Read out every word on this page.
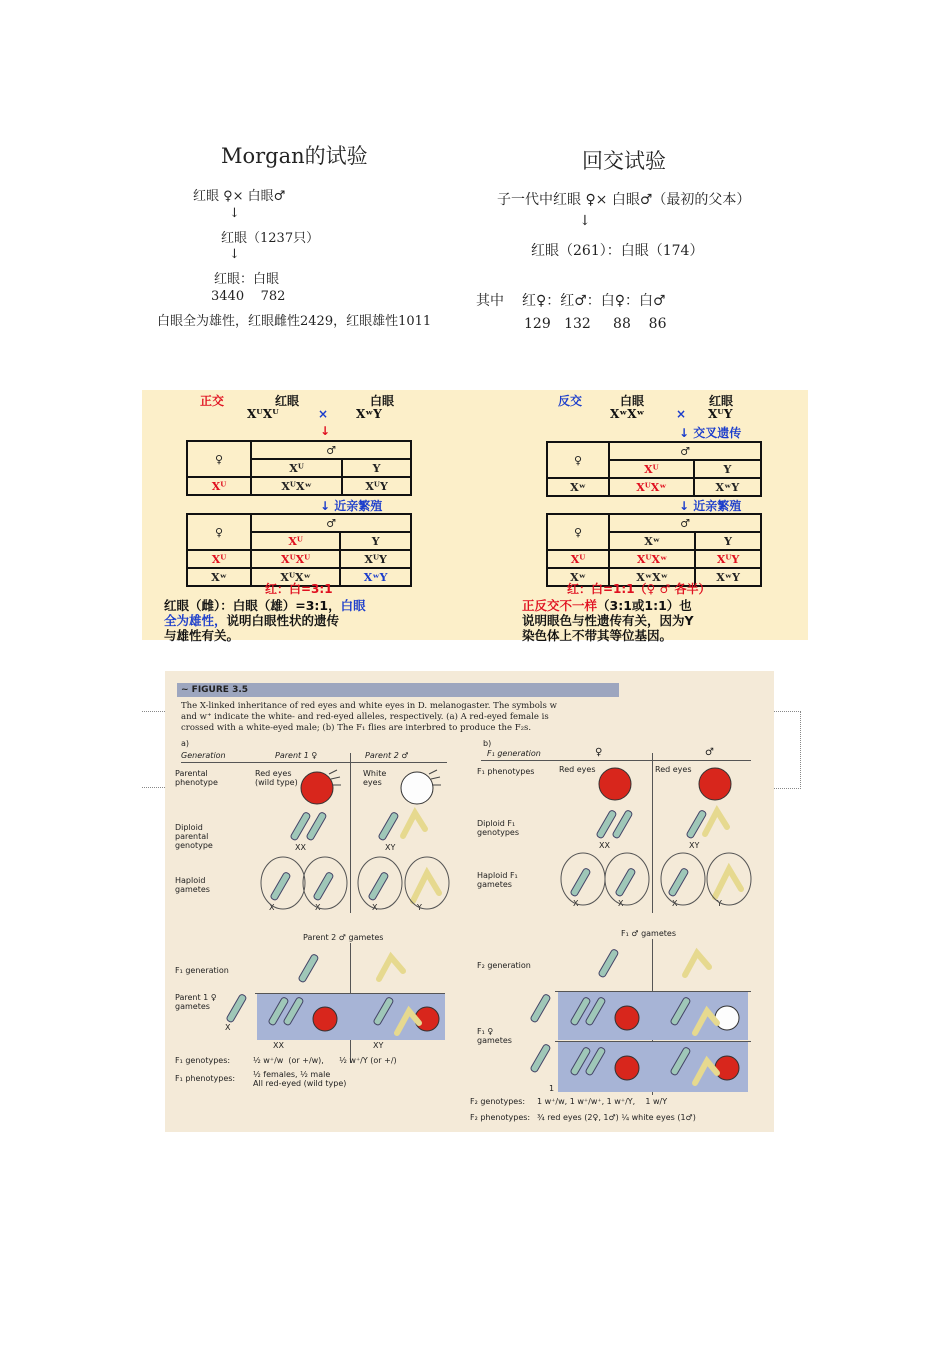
Morgan的试验
红眼 ♀× 白眼♂
↓
红眼（1237只）
↓
红眼：白眼
3440    782
白眼全为雄性，红眼雌性2429，红眼雄性1011
回交试验
子一代中红眼 ♀× 白眼♂（最初的父本）
↓
红眼（261）：白眼（174）
其中 红♀：红♂：白♀：白♂
129   132     88    86
正交	红眼	白眼
XᵂXᵂ	× XʷY
↓
♀	♂	
	Xᵂ	Y
Xᵂ	XᵂXʷ	XᵂY
↓ 近亲繁殖
♀	♂	
	Xᵂ	Y
Xᵂ	XᵂXᵂ	XᵂY
Xʷ	XᵂXʷ	XʷY
红：白=3:1
红眼（雌）：白眼（雄）=3:1，白眼
全为雄性，说明白眼性状的遗传
与雄性有关。
反交	白眼	红眼
XʷXʷ	× XᵂY
↓ 交叉遗传
♀	♂	
	Xᵂ	Y
Xʷ	XᵂXʷ	XʷY
↓ 近亲繁殖
♀	♂	
	Xʷ	Y
Xᵂ	XᵂXʷ	XᵂY
Xʷ	XʷXʷ	XʷY
红：白=1:1（♀ ♂ 各半）
正反交不一样（3:1或1:1）也
说明眼色与性遗传有关，因为Y
染色体上不带其等位基因。
~ FIGURE 3.5
The X-linked inheritance of red eyes and white eyes in D. melanogaster. The symbols w
and w⁺ indicate the white- and red-eyed alleles, respectively. (a) A red-eyed female is
crossed with a white-eyed male; (b) The F₁ flies are interbred to produce the F₂s.
a)
Generation	Parent 1 ♀	Parent 2 ♂
Parental phenotype
Red eyes (wild type)
White eyes
Diploid parental genotype	XX	XY
Haploid gametes
X	X	X	Y
Parent 2 ♂ gametes
F₁ generation
Parent 1 ♀ gametes
XX	XY
X
F₁ genotypes:	½ w⁺/w  (or +/w),      ½ w⁺/Y (or +/)
F₁ phenotypes: ½ females, ½ male
All red-eyed (wild type)
b)
F₁ generation	♀	♂
F₁ phenotypes	Red eyes	Red eyes
Diploid F₁ genotypes
XX	XY
Haploid F₁ gametes
X	X	X	Y
F₁ ♂ gametes
F₂ generation
F₁ ♀ gametes
1
F₂ genotypes: 1 w⁺/w, 1 w⁺/w⁺, 1 w⁺/Y,    1 w/Y
F₂ phenotypes: ¾ red eyes (2♀, 1♂) ¼ white eyes (1♂)
